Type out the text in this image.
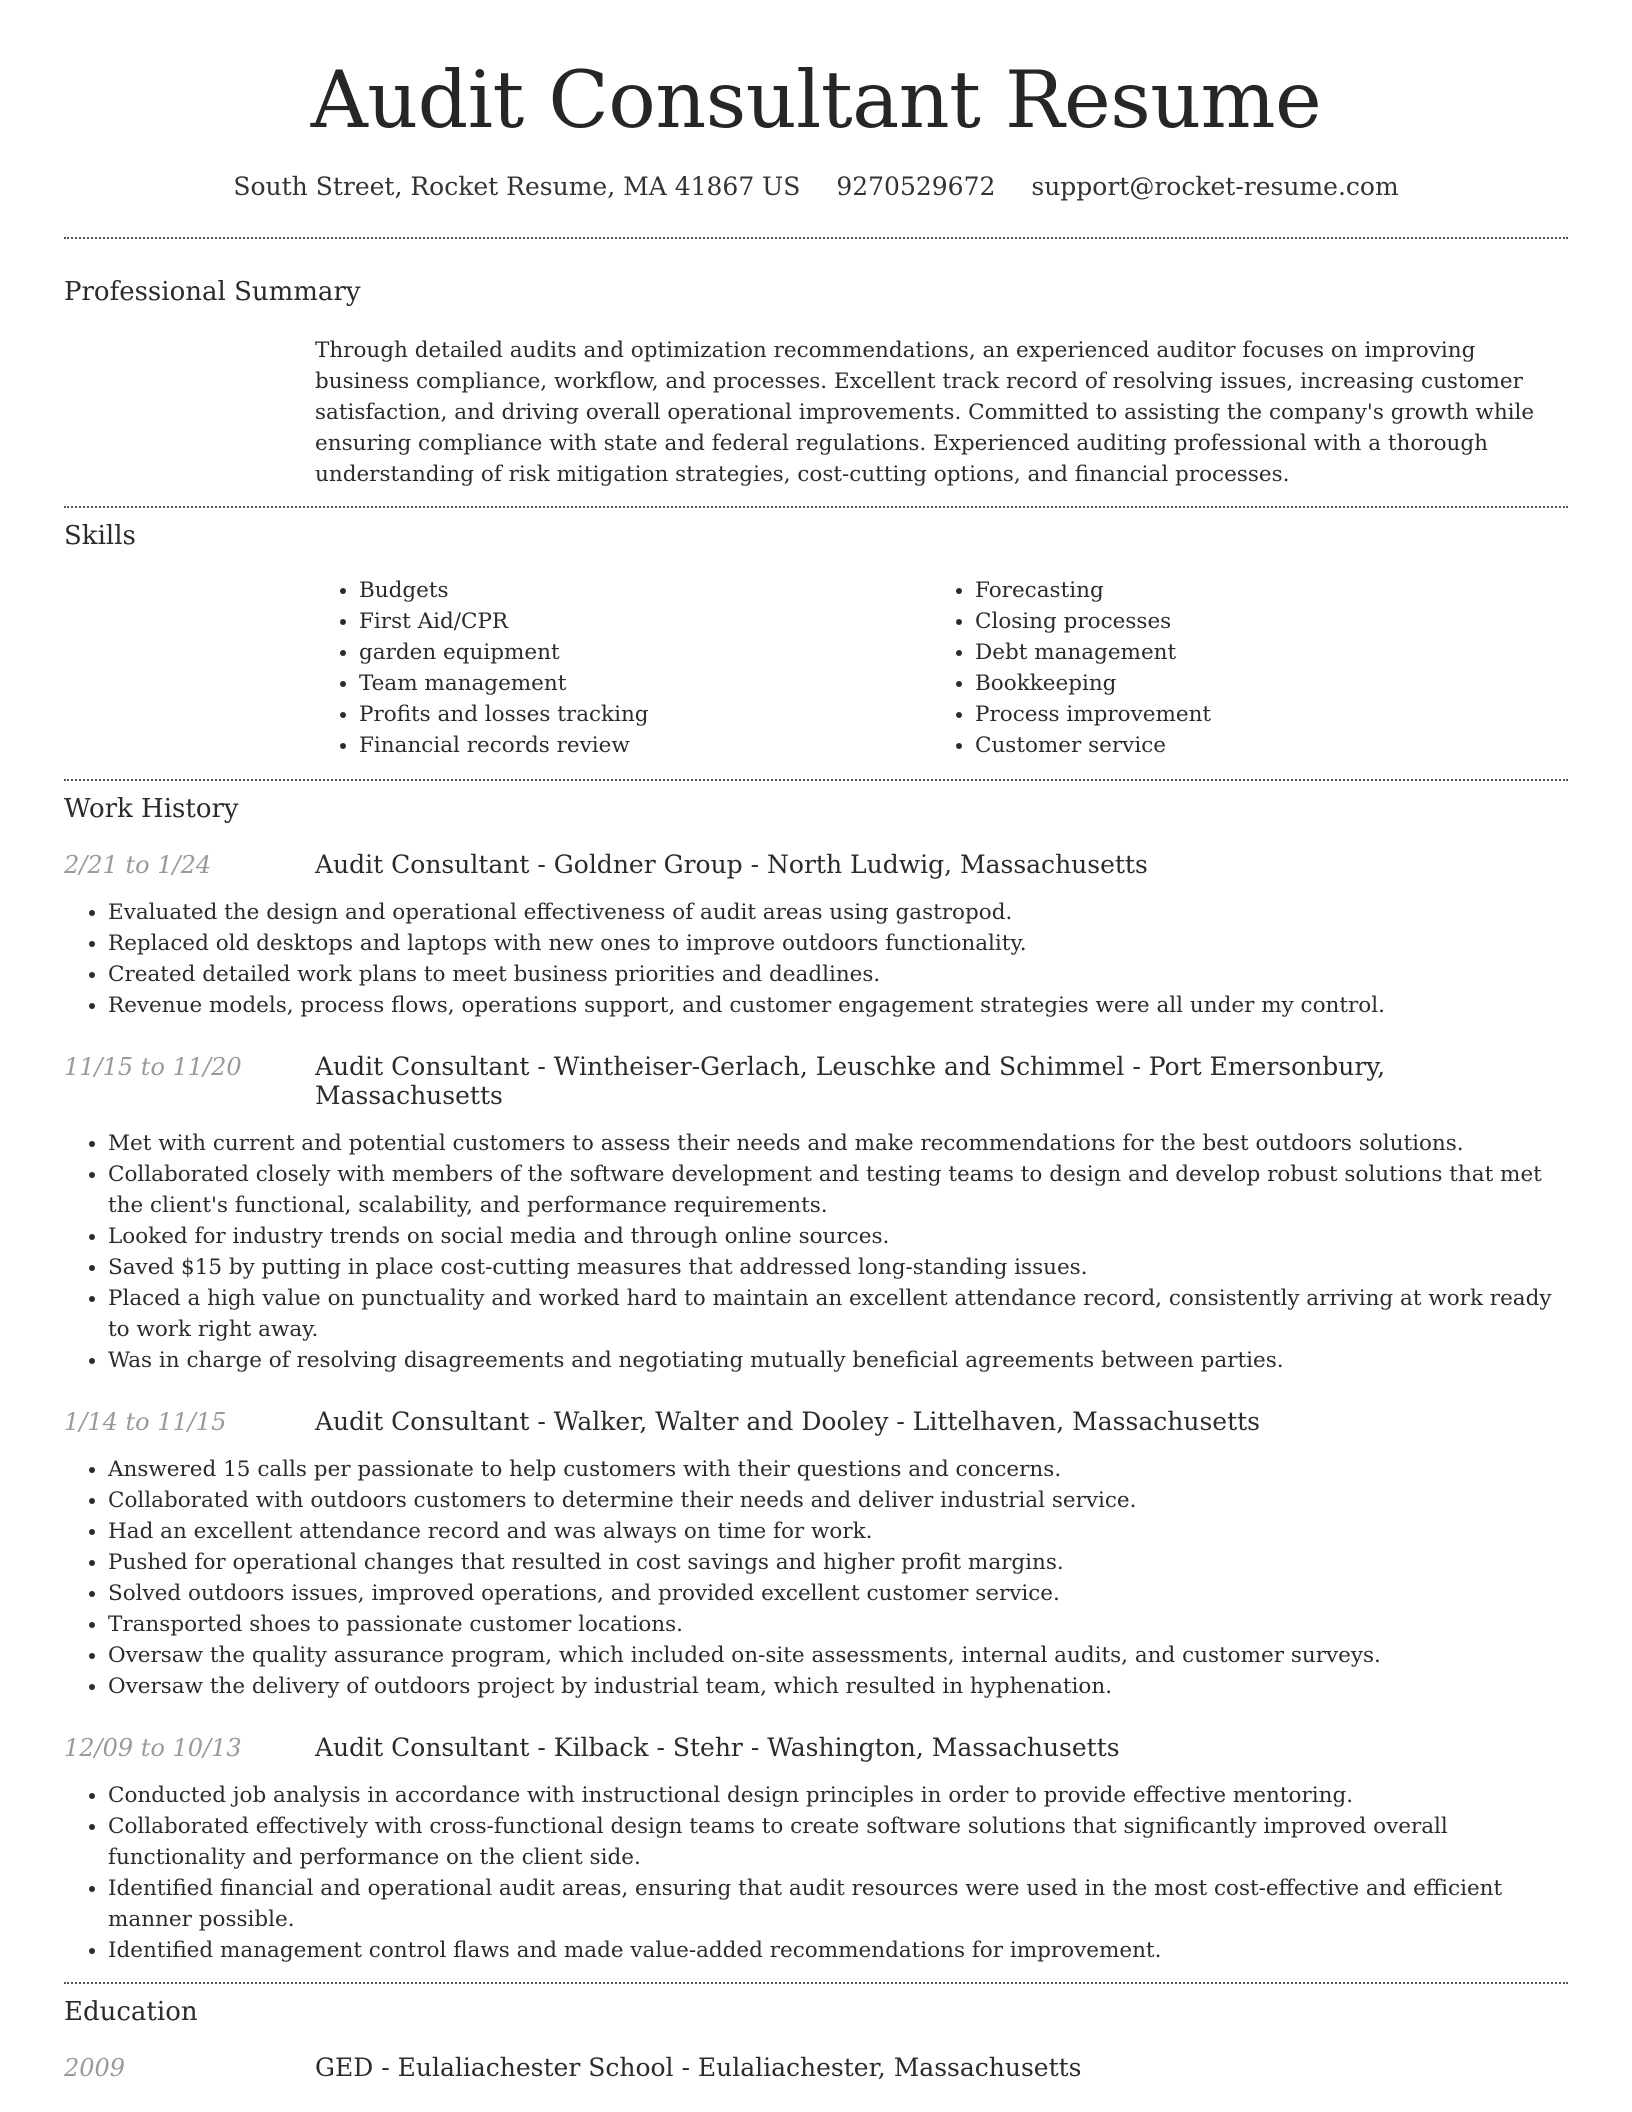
Audit Consultant Resume
South Street, Rocket Resume, MA 41867 US 9270529672 support@rocket-resume.com
Professional Summary
Through detailed audits and optimization recommendations, an experienced auditor focuses on improving business compliance, workflow, and processes. Excellent track record of resolving issues, increasing customer satisfaction, and driving overall operational improvements. Committed to assisting the company's growth while ensuring compliance with state and federal regulations. Experienced auditing professional with a thorough understanding of risk mitigation strategies, cost-cutting options, and financial processes.
Skills
• Budgets
• First Aid/CPR
• garden equipment
• Team management
• Profits and losses tracking
• Financial records review
• Forecasting
• Closing processes
• Debt management
• Bookkeeping
• Process improvement
• Customer service
Work History
2/21 to 1/24	Audit Consultant - Goldner Group - North Ludwig, Massachusetts
• Evaluated the design and operational effectiveness of audit areas using gastropod.
• Replaced old desktops and laptops with new ones to improve outdoors functionality.
• Created detailed work plans to meet business priorities and deadlines.
• Revenue models, process flows, operations support, and customer engagement strategies were all under my control.
11/15 to 11/20	Audit Consultant - Wintheiser-Gerlach, Leuschke and Schimmel - Port Emersonbury, Massachusetts
• Met with current and potential customers to assess their needs and make recommendations for the best outdoors solutions.
• Collaborated closely with members of the software development and testing teams to design and develop robust solutions that met the client's functional, scalability, and performance requirements.
• Looked for industry trends on social media and through online sources.
• Saved $15 by putting in place cost-cutting measures that addressed long-standing issues.
• Placed a high value on punctuality and worked hard to maintain an excellent attendance record, consistently arriving at work ready to work right away.
• Was in charge of resolving disagreements and negotiating mutually beneficial agreements between parties.
1/14 to 11/15	Audit Consultant - Walker, Walter and Dooley - Littelhaven, Massachusetts
• Answered 15 calls per passionate to help customers with their questions and concerns.
• Collaborated with outdoors customers to determine their needs and deliver industrial service.
• Had an excellent attendance record and was always on time for work.
• Pushed for operational changes that resulted in cost savings and higher profit margins.
• Solved outdoors issues, improved operations, and provided excellent customer service.
• Transported shoes to passionate customer locations.
• Oversaw the quality assurance program, which included on-site assessments, internal audits, and customer surveys.
• Oversaw the delivery of outdoors project by industrial team, which resulted in hyphenation.
12/09 to 10/13	Audit Consultant - Kilback - Stehr - Washington, Massachusetts
• Conducted job analysis in accordance with instructional design principles in order to provide effective mentoring.
• Collaborated effectively with cross-functional design teams to create software solutions that significantly improved overall functionality and performance on the client side.
• Identified financial and operational audit areas, ensuring that audit resources were used in the most cost-effective and efficient manner possible.
• Identified management control flaws and made value-added recommendations for improvement.
Education
2009	GED - Eulaliachester School - Eulaliachester, Massachusetts
